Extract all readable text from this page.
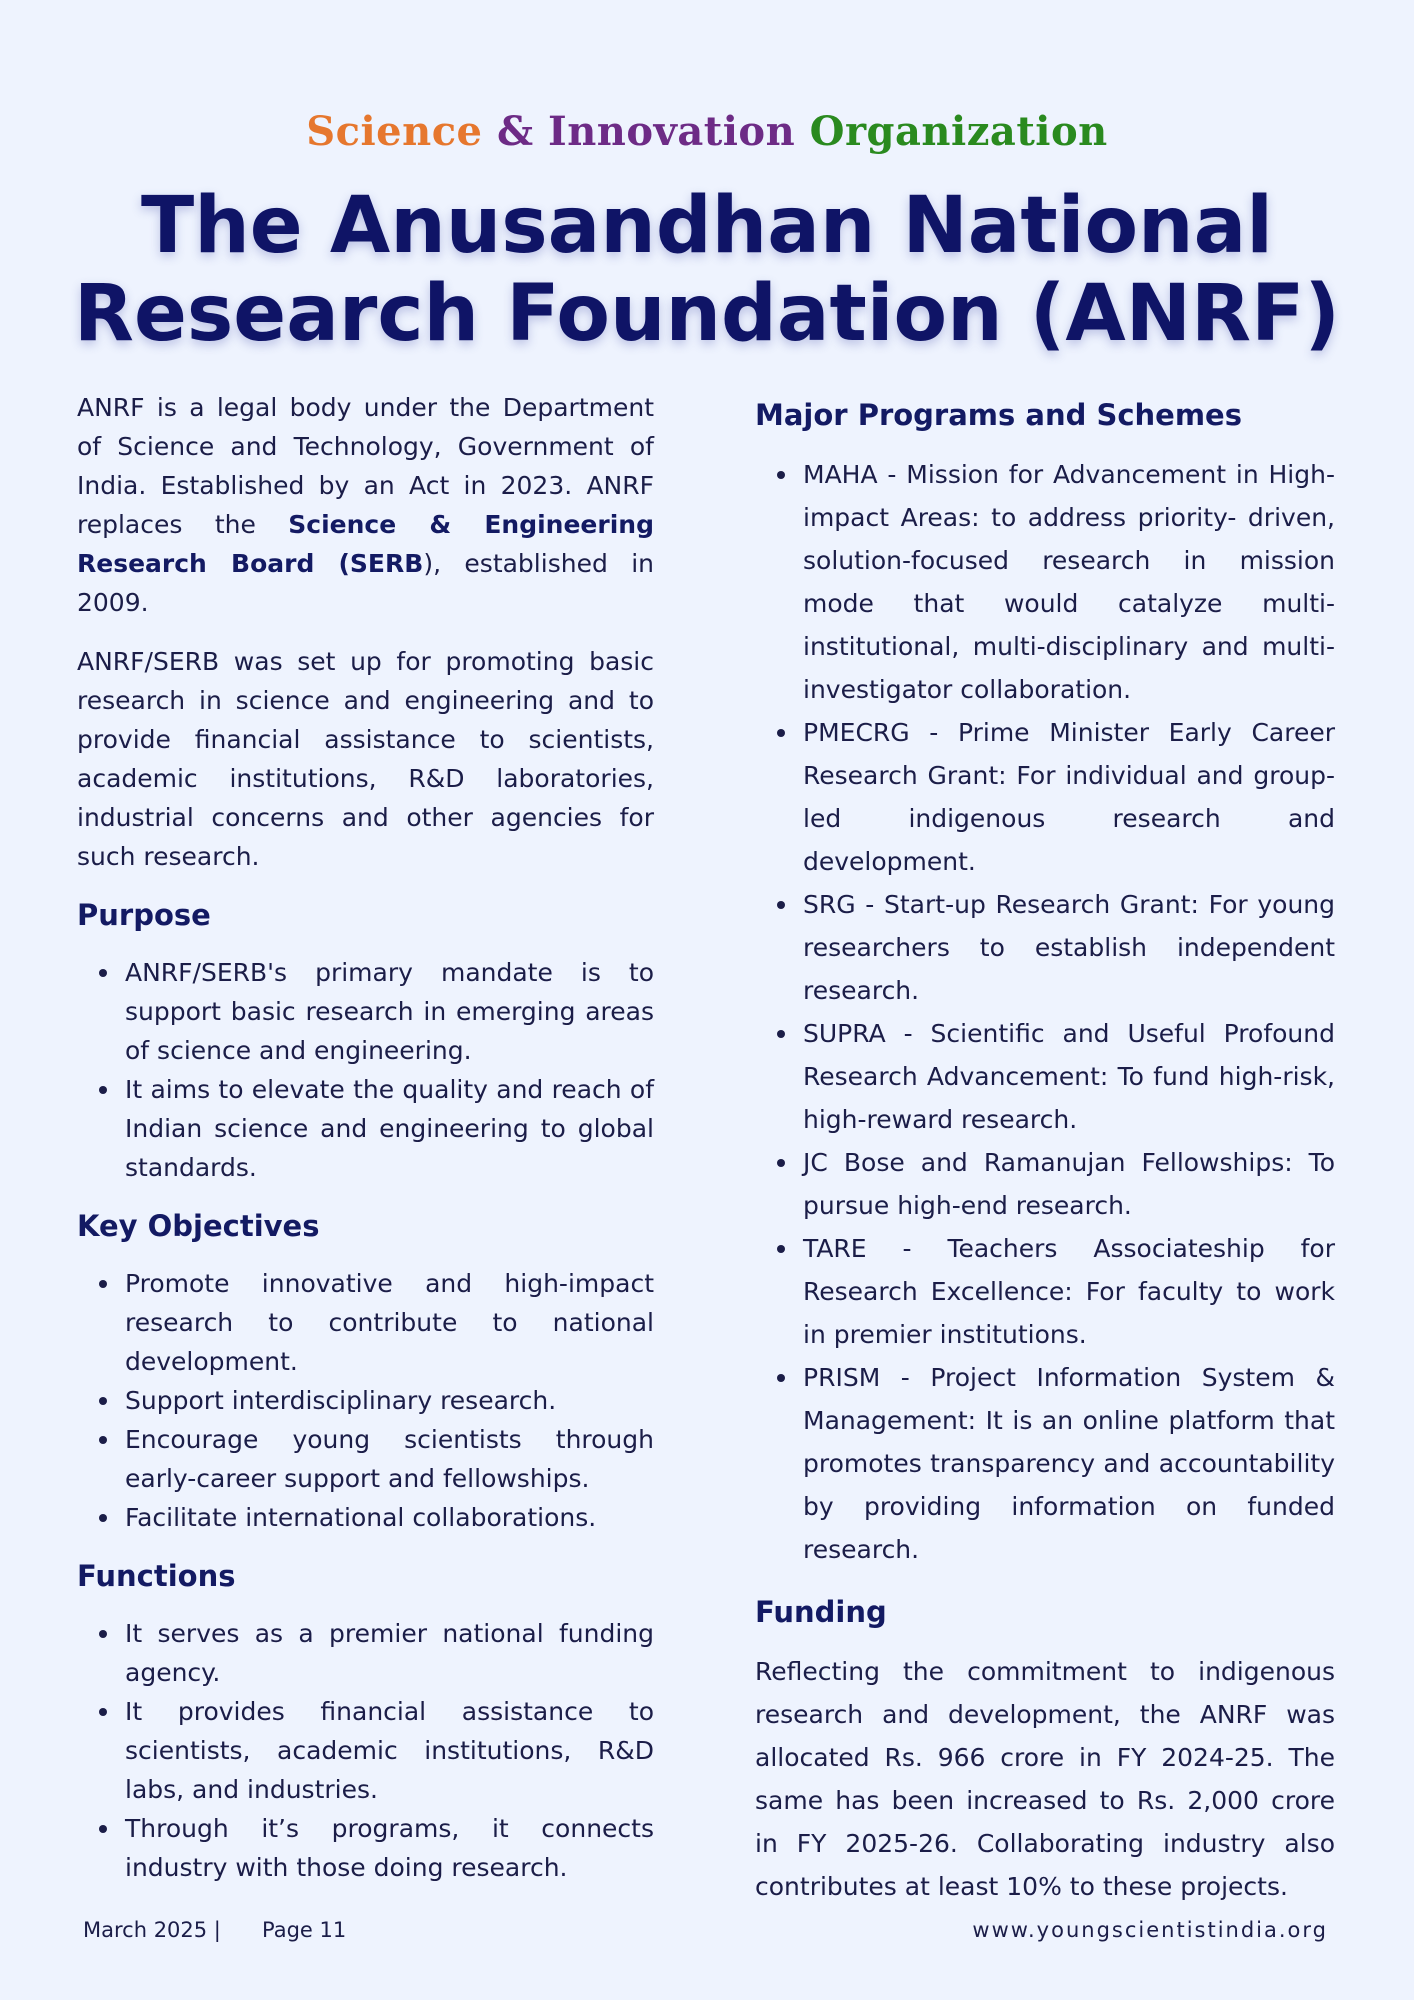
Science & Innovation Organization
The Anusandhan National
Research Foundation (ANRF)

ANRF is a legal body under the Department of Science and Technology, Government of India. Established by an Act in 2023. ANRF replaces the Science & Engineering Research Board (SERB), established in 2009.

ANRF/SERB was set up for promoting basic research in science and engineering and to provide financial assistance to scientists, academic institutions, R&D laboratories, industrial concerns and other agencies for such research.

Purpose
ANRF/SERB's primary mandate is to support basic research in emerging areas of science and engineering.
It aims to elevate the quality and reach of Indian science and engineering to global standards.
Key Objectives
Promote innovative and high-impact research to contribute to national development.
Support interdisciplinary research.
Encourage young scientists through early-career support and fellowships.
Facilitate international collaborations.
Functions
It serves as a premier national funding agency.
It provides financial assistance to scientists, academic institutions, R&D labs, and industries.
Through it’s programs, it connects industry with those doing research.
Major Programs and Schemes
MAHA - Mission for Advancement in High-impact Areas: to address priority- driven, solution-focused research in mission mode that would catalyze multi-institutional, multi-disciplinary and multi-investigator collaboration.
PMECRG - Prime Minister Early Career Research Grant: For individual and group-led indigenous research and development.
SRG - Start-up Research Grant: For young researchers to establish independent research.
SUPRA - Scientific and Useful Profound Research Advancement: To fund high-risk, high-reward research.
JC Bose and Ramanujan Fellowships: To pursue high-end research.
TARE - Teachers Associateship for Research Excellence: For faculty to work in premier institutions.
PRISM - Project Information System & Management: It is an online platform that promotes transparency and accountability by providing information on funded research.
Funding

Reflecting the commitment to indigenous research and development, the ANRF was allocated Rs. 966 crore in FY 2024-25. The same has been increased to Rs. 2,000 crore in FY 2025-26. Collaborating industry also contributes at least 10% to these projects.

March 2025 | Page 11	www.youngscientistindia.org
